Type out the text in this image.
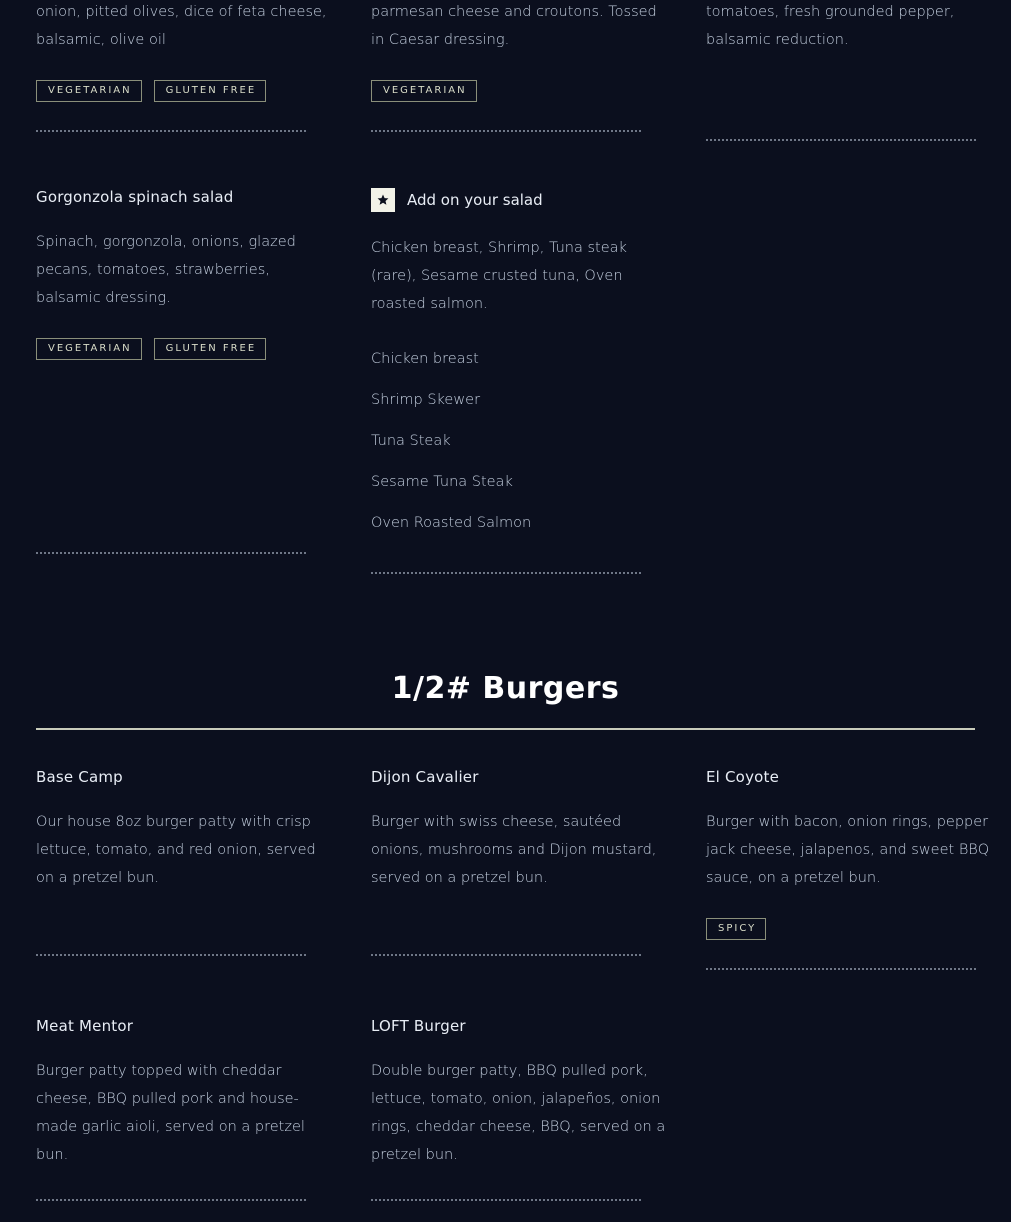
onion, pitted olives, dice of feta cheese, balsamic, olive oil
VEGETARIAN	GLUTEN FREE
parmesan cheese and croutons. Tossed in Caesar dressing.
VEGETARIAN
tomatoes, fresh grounded pepper, balsamic reduction.
Gorgonzola spinach salad
Spinach, gorgonzola, onions, glazed pecans, tomatoes, strawberries, balsamic dressing.
VEGETARIAN	GLUTEN FREE
Add on your salad
Chicken breast, Shrimp, Tuna steak (rare), Sesame crusted tuna, Oven roasted salmon.
Chicken breast
Shrimp Skewer
Tuna Steak
Sesame Tuna Steak
Oven Roasted Salmon
1/2# Burgers
Base Camp
Our house 8oz burger patty with crisp lettuce, tomato, and red onion, served on a pretzel bun.
Dijon Cavalier
Burger with swiss cheese, sautéed onions, mushrooms and Dijon mustard, served on a pretzel bun.
El Coyote
Burger with bacon, onion rings, pepper jack cheese, jalapenos, and sweet BBQ sauce, on a pretzel bun.
SPICY
Meat Mentor
Burger patty topped with cheddar cheese, BBQ pulled pork and house-made garlic aioli, served on a pretzel bun.
LOFT Burger
Double burger patty, BBQ pulled pork, lettuce, tomato, onion, jalapeños, onion rings, cheddar cheese, BBQ, served on a pretzel bun.
